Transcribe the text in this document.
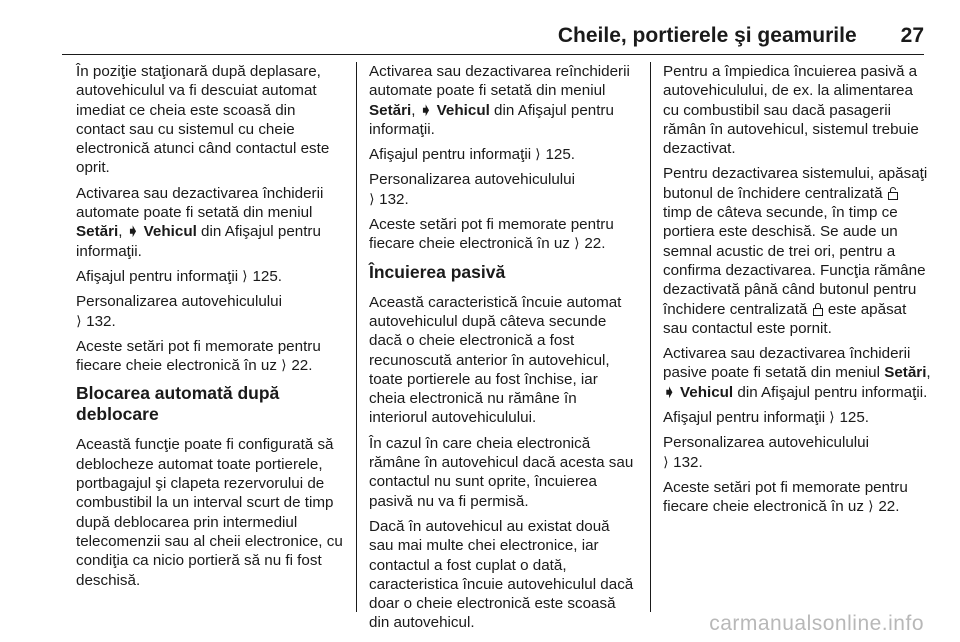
Cheile, portierele şi geamurile 27

În poziţie staţionară după deplasare, autovehiculul va fi descuiat automat imediat ce cheia este scoasă din contact sau cu sistemul cu cheie electronică atunci când contactul este oprit.

Activarea sau dezactivarea închiderii automate poate fi setată din meniul Setări, ➧ Vehicul din Afişajul pentru informaţii.

Afişajul pentru informaţii ⟩ 125.

Personalizarea autovehiculului
⟩ 132.

Aceste setări pot fi memorate pentru fiecare cheie electronică în uz ⟩ 22.

Blocarea automată după deblocare

Această funcţie poate fi configurată să deblocheze automat toate portierele, portbagajul şi clapeta rezervorului de combustibil la un interval scurt de timp după deblocarea prin intermediul telecomenzii sau al cheii electronice, cu condiţia ca nicio portieră să nu fi fost deschisă.

Activarea sau dezactivarea reînchiderii automate poate fi setată din meniul Setări, ➧ Vehicul din Afişajul pentru informaţii.

Afişajul pentru informaţii ⟩ 125.

Personalizarea autovehiculului
⟩ 132.

Aceste setări pot fi memorate pentru fiecare cheie electronică în uz ⟩ 22.

Încuierea pasivă

Această caracteristică încuie automat autovehiculul după câteva secunde dacă o cheie electronică a fost recunoscută anterior în autovehicul, toate portierele au fost închise, iar cheia electronică nu rămâne în interiorul autovehiculului.

În cazul în care cheia electronică rămâne în autovehicul dacă acesta sau contactul nu sunt oprite, încuierea pasivă nu va fi permisă.

Dacă în autovehicul au existat două sau mai multe chei electronice, iar contactul a fost cuplat o dată, caracteristica încuie autovehiculul dacă doar o cheie electronică este scoasă din autovehicul.

Pentru a împiedica încuierea pasivă a autovehiculului, de ex. la alimentarea cu combustibil sau dacă pasagerii rămân în autovehicul, sistemul trebuie dezactivat.

Pentru dezactivarea sistemului, apăsaţi butonul de închidere centralizată  timp de câteva secunde, în timp ce portiera este deschisă. Se aude un semnal acustic de trei ori, pentru a confirma dezactivarea. Funcţia rămâne dezactivată până când butonul pentru închidere centralizată  este apăsat sau contactul este pornit.

Activarea sau dezactivarea închiderii pasive poate fi setată din meniul Setări, ➧ Vehicul din Afişajul pentru informaţii.

Afişajul pentru informaţii ⟩ 125.

Personalizarea autovehiculului
⟩ 132.

Aceste setări pot fi memorate pentru fiecare cheie electronică în uz ⟩ 22.

carmanualsonline.info
